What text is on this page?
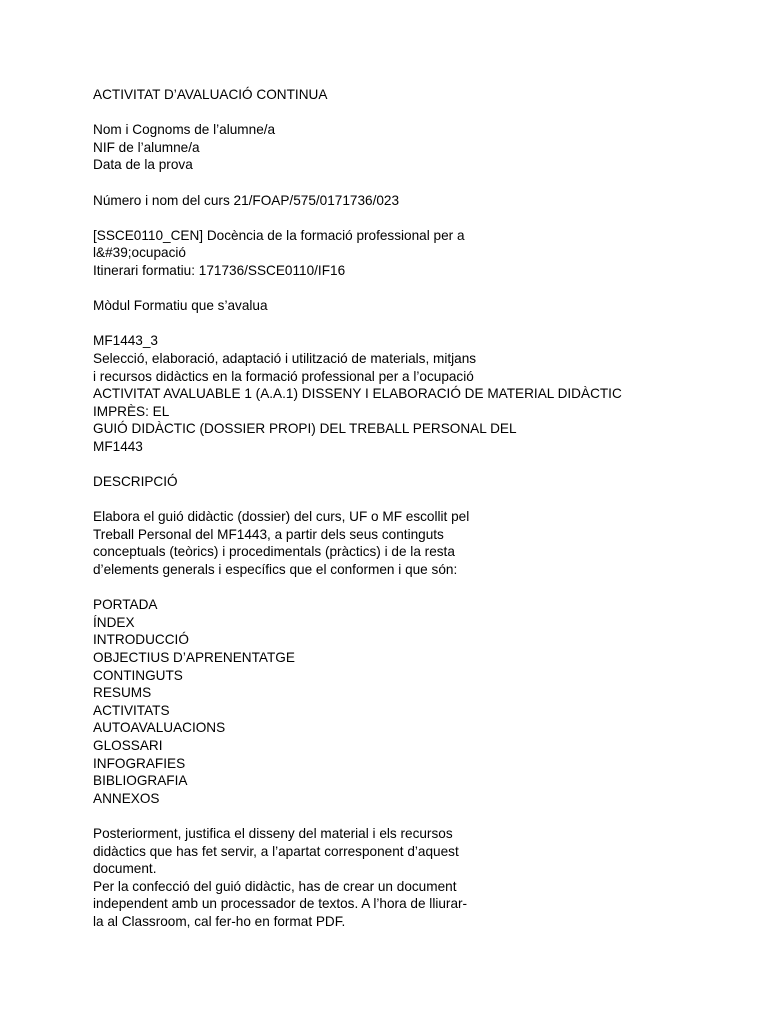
ACTIVITAT D’AVALUACIÓ CONTINUA

Nom i Cognoms de l’alumne/a

NIF de l’alumne/a

Data de la prova

Número i nom del curs 21/FOAP/575/0171736/023

[SSCE0110_CEN] Docència de la formació professional per a

l&#39;ocupació

Itinerari formatiu: 171736/SSCE0110/IF16

Mòdul Formatiu que s’avalua

MF1443_3

Selecció, elaboració, adaptació i utilització de materials, mitjans

i recursos didàctics en la formació professional per a l’ocupació

ACTIVITAT AVALUABLE 1 (A.A.1) DISSENY I ELABORACIÓ DE MATERIAL DIDÀCTIC

IMPRÈS: EL

GUIÓ DIDÀCTIC (DOSSIER PROPI) DEL TREBALL PERSONAL DEL

MF1443

DESCRIPCIÓ

Elabora el guió didàctic (dossier) del curs, UF o MF escollit pel

Treball Personal del MF1443, a partir dels seus continguts

conceptuals (teòrics) i procedimentals (pràctics) i de la resta

d’elements generals i específics que el conformen i que són:

PORTADA
ÍNDEX
INTRODUCCIÓ
OBJECTIUS D’APRENENTATGE
CONTINGUTS
RESUMS
ACTIVITATS
AUTOAVALUACIONS
GLOSSARI
INFOGRAFIES
BIBLIOGRAFIA
ANNEXOS

Posteriorment, justifica el disseny del material i els recursos

didàctics que has fet servir, a l’apartat corresponent d’aquest

document.

Per la confecció del guió didàctic, has de crear un document

independent amb un processador de textos. A l’hora de lliurar-

la al Classroom, cal fer-ho en format PDF.
